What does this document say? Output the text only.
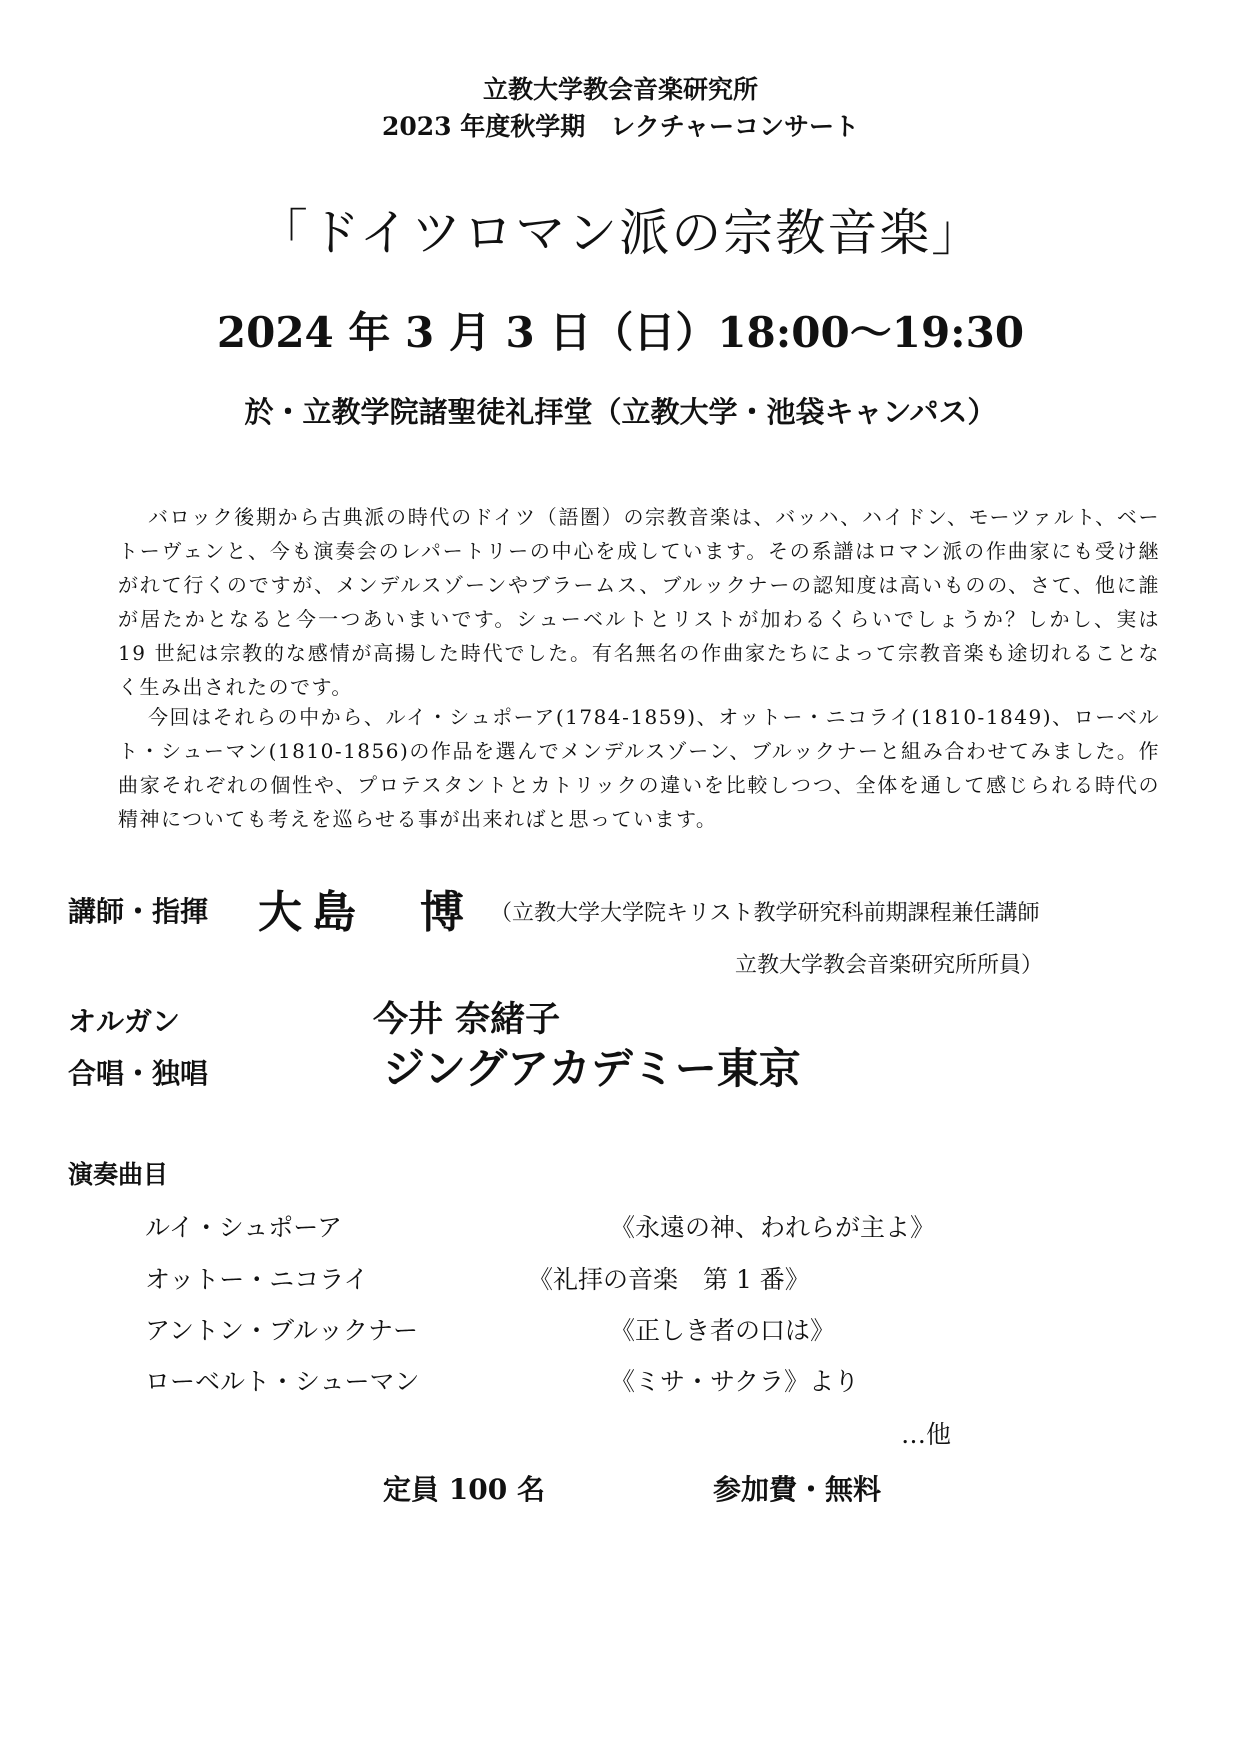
立教大学教会音楽研究所
2023 年度秋学期　レクチャーコンサート
「ドイツロマン派の宗教音楽」
2024 年 3 月 3 日（日）18:00〜19:30
於・立教学院諸聖徒礼拝堂（立教大学・池袋キャンパス）

バロック後期から古典派の時代のドイツ（語圏）の宗教音楽は、バッハ、ハイドン、モーツァルト、ベートーヴェンと、今も演奏会のレパートリーの中心を成しています。その系譜はロマン派の作曲家にも受け継がれて行くのですが、メンデルスゾーンやブラームス、ブルックナーの認知度は高いものの、さて、他に誰が居たかとなると今一つあいまいです。シューベルトとリストが加わるくらいでしょうか？しかし、実は 19 世紀は宗教的な感情が高揚した時代でした。有名無名の作曲家たちによって宗教音楽も途切れることなく生み出されたのです。

今回はそれらの中から、ルイ・シュポーア(1784-1859)、オットー・ニコライ(1810-1849)、ローベルト・シューマン(1810-1856)の作品を選んでメンデルスゾーン、ブルックナーと組み合わせてみました。作曲家それぞれの個性や、プロテスタントとカトリックの違いを比較しつつ、全体を通して感じられる時代の精神についても考えを巡らせる事が出来ればと思っています。

講師・指揮 大島　博 （立教大学大学院キリスト教学研究科前期課程兼任講師
立教大学教会音楽研究所所員）
オルガン	今井 奈緒子
合唱・独唱	ジングアカデミー東京
演奏曲目
ルイ・シュポーア	《永遠の神、われらが主よ》
オットー・ニコライ	《礼拝の音楽　第 1 番》
アントン・ブルックナー	《正しき者の口は》
ローベルト・シューマン	《ミサ・サクラ》より
…他
定員 100 名	参加費・無料
